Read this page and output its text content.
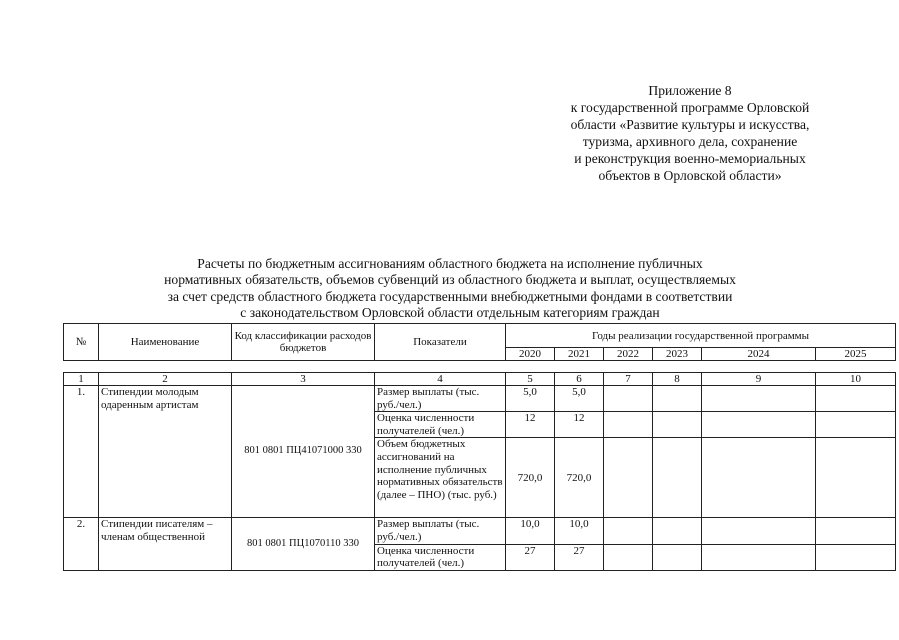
Приложение 8
к государственной программе Орловской
области «Развитие культуры и искусства,
туризма, архивного дела, сохранение
и реконструкция военно-мемориальных
объектов в Орловской области»
Расчеты по бюджетным ассигнованиям областного бюджета на исполнение публичных
нормативных обязательств, объемов субвенций из областного бюджета и выплат, осуществляемых
за счет средств областного бюджета государственными внебюджетными фондами в соответствии
с законодательством Орловской области отдельным категориям граждан
№	Наименование	Код классификации расходов бюджетов	Показатели	Годы реализации государственной программы					
				2020	2021	2022	2023	2024	2025
1	2	3	4	5	6	7	8	9	10
1.	Стипендии молодым одаренным артистам	801 0801 ПЦ41071000 330	Размер выплаты (тыс. руб./чел.)	5,0	5,0				
			Оценка численности получателей (чел.)	12	12				
			Объем бюджетных ассигнований на исполнение публичных нормативных обязательств (далее – ПНО) (тыс. руб.)	720,0	720,0				
2.	Стипендии писателям – членам общественной	801 0801 ПЦ1070110 330	Размер выплаты (тыс. руб./чел.)	10,0	10,0				
			Оценка численности получателей (чел.)	27	27				
